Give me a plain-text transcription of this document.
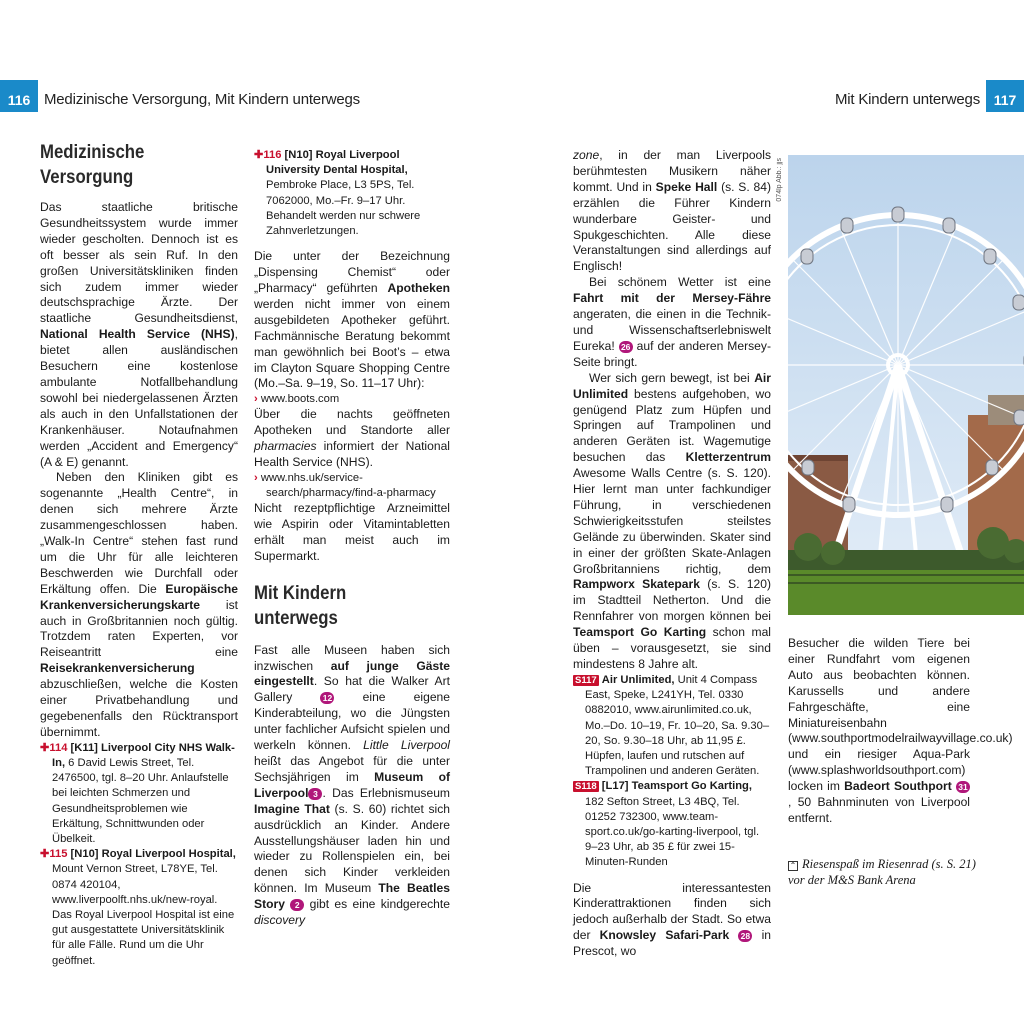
116 Medizinische Versorgung, Mit Kindern unterwegs	Mit Kindern unterwegs 117
Medizinische
Versorgung

Das staatliche britische Gesundheitssystem wurde immer wieder gescholten. Dennoch ist es oft besser als sein Ruf. In den großen Universitätskliniken finden sich zudem immer wieder deutschsprachige Ärzte. Der staatliche Gesundheitsdienst, National Health Service (NHS), bietet allen ausländischen Besuchern eine kostenlose ambulante Notfallbehandlung sowohl bei niedergelassenen Ärzten als auch in den Unfallstationen der Krankenhäuser. Notaufnahmen werden „Accident and Emergency“ (A & E) genannt.

Neben den Kliniken gibt es sogenannte „Health Centre“, in denen sich mehrere Ärzte zusammengeschlossen haben. „Walk-In Centre“ stehen fast rund um die Uhr für alle leichteren Beschwerden wie Durchfall oder Erkältung offen. Die Europäische Krankenversicherungskarte ist auch in Großbritannien noch gültig. Trotzdem raten Experten, vor Reiseantritt eine Reisekrankenversicherung abzuschließen, welche die Kosten einer Privatbehandlung und gegebenenfalls den Rücktransport übernimmt.

✚114 [K11] Liverpool City NHS Walk-In, 6 David Lewis Street, Tel. 2476500, tgl. 8–20 Uhr. Anlaufstelle bei leichten Schmerzen und Gesundheitsproblemen wie Erkältung, Schnittwunden oder Übelkeit.

✚115 [N10] Royal Liverpool Hospital, Mount Vernon Street, L78YE, Tel. 0874 420104, www.liverpoolft.nhs.uk/new-royal. Das Royal Liverpool Hospital ist eine gut ausgestattete Universitätsklinik für alle Fälle. Rund um die Uhr geöffnet.

✚116 [N10] Royal Liverpool University Dental Hospital, Pembroke Place, L3 5PS, Tel. 7062000, Mo.–Fr. 9–17 Uhr. Behandelt werden nur schwere Zahnverletzungen.

Die unter der Bezeichnung „Dispensing Chemist“ oder „Pharmacy“ geführten Apotheken werden nicht immer von einem ausgebildeten Apotheker geführt. Fachmännische Beratung bekommt man gewöhnlich bei Boot’s – etwa im Clayton Square Shopping Centre (Mo.–Sa. 9–19, So. 11–17 Uhr):

› www.boots.com

Über die nachts geöffneten Apotheken und Standorte aller pharmacies informiert der National Health Service (NHS).

› www.nhs.uk/service-search/pharmacy/find-a-pharmacy

Nicht rezeptpflichtige Arzneimittel wie Aspirin oder Vitamintabletten erhält man meist auch im Supermarkt.

Mit Kindern unterwegs

Fast alle Museen haben sich inzwischen auf junge Gäste eingestellt. So hat die Walker Art Gallery 12 eine eigene Kinderabteilung, wo die Jüngsten unter fachlicher Aufsicht spielen und werkeln können. Little Liverpool heißt das Angebot für die unter Sechsjährigen im Museum of Liverpool 3 . Das Erlebnismuseum Imagine That (s. S. 60) richtet sich ausdrücklich an Kinder. Andere Ausstellungshäuser laden hin und wieder zu Rollenspielen ein, bei denen sich Kinder verkleiden können. Im Museum The Beatles Story 2 gibt es eine kindgerechte discovery

zone, in der man Liverpools berühmtesten Musikern näher kommt. Und in Speke Hall (s. S. 84) erzählen die Führer Kindern wunderbare Geister- und Spukgeschichten. Alle diese Veranstaltungen sind allerdings auf Englisch!

Bei schönem Wetter ist eine Fahrt mit der Mersey-Fähre angeraten, die einen in die Technik- und Wissenschaftserlebniswelt Eureka! 26 auf der anderen Mersey-Seite bringt.

Wer sich gern bewegt, ist bei Air Unlimited bestens aufgehoben, wo genügend Platz zum Hüpfen und Springen auf Trampolinen und anderen Geräten ist. Wagemutige besuchen das Kletterzentrum Awesome Walls Centre (s. S. 120). Hier lernt man unter fachkundiger Führung, in verschiedenen Schwierigkeitsstufen steilstes Gelände zu überwinden. Skater sind in einer der größten Skate-Anlagen Großbritanniens richtig, dem Rampworx Skatepark (s. S. 120) im Stadtteil Netherton. Und die Rennfahrer von morgen können bei Teamsport Go Karting schon mal üben – vorausgesetzt, sie sind mindestens 8 Jahre alt.

S117 Air Unlimited, Unit 4 Compass East, Speke, L241YH, Tel. 0330 0882010, www.airunlimited.co.uk, Mo.–Do. 10–19, Fr. 10–20, Sa. 9.30–20, So. 9.30–18 Uhr, ab 11,95 £. Hüpfen, laufen und rutschen auf Trampolinen und anderen Geräten.

S118 [L17] Teamsport Go Karting, 182 Sefton Street, L3 4BQ, Tel. 01252 732300, www.team-sport.co.uk/go-karting-liverpool, tgl. 9–23 Uhr, ab 35 £ für zwei 15-Minuten-Runden

Die interessantesten Kinderattraktionen finden sich jedoch außerhalb der Stadt. So etwa der Knowsley Safari-Park 28 in Prescot, wo

074lp Abb.: jjs

Besucher die wilden Tiere bei einer Rundfahrt vom eigenen Auto aus beobachten können. Karussells und andere Fahrgeschäfte, eine Miniatureisenbahn (www.southportmodelrailwayvillage.co.uk) und ein riesiger Aqua-Park (www.splashworldsouthport.com) locken im Badeort Southport 31, 50 Bahnminuten von Liverpool entfernt.

⌃ Riesenspaß im Riesenrad (s. S. 21)
vor der M&S Bank Arena
